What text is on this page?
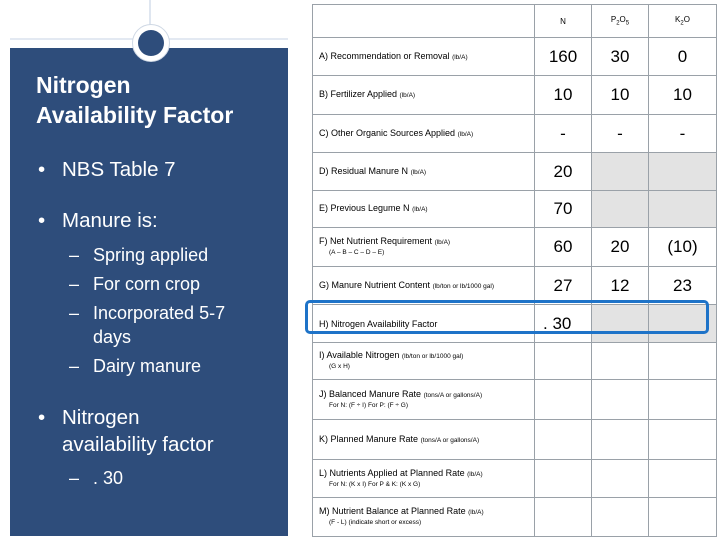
Nitrogen
Availability Factor
• NBS Table 7
• Manure is:
– Spring applied
– For corn crop
– Incorporated 5-7
days
– Dairy manure
• Nitrogen
availability factor
– . 30
	N	$P_2O_5$	$K_2O$
A) Recommendation or Removal (lb/A)	160	30	0
B) Fertilizer Applied (lb/A)	10	10	10
C) Other Organic Sources Applied (lb/A)	-	-	-
D) Residual Manure N (lb/A)	20		
E) Previous Legume N (lb/A)	70		
F) Net Nutrient Requirement (lb/A)
(A – B – C – D – E)	60	20	(10)
G) Manure Nutrient Content (lb/ton or lb/1000 gal)	27	12	23
H) Nitrogen Availability Factor	. 30		
I) Available Nitrogen (lb/ton or lb/1000 gal)
(G x H)			

J) Balanced Manure Rate (tons/A or gallons/A)
For N: (F ÷ I) For P: (F ÷ G)			

K) Planned Manure Rate (tons/A or gallons/A)			
L) Nutrients Applied at Planned Rate (lb/A)
For N: (K x I) For P & K: (K x G)			

M) Nutrient Balance at Planned Rate (lb/A)
(F - L) (indicate short or excess)			
